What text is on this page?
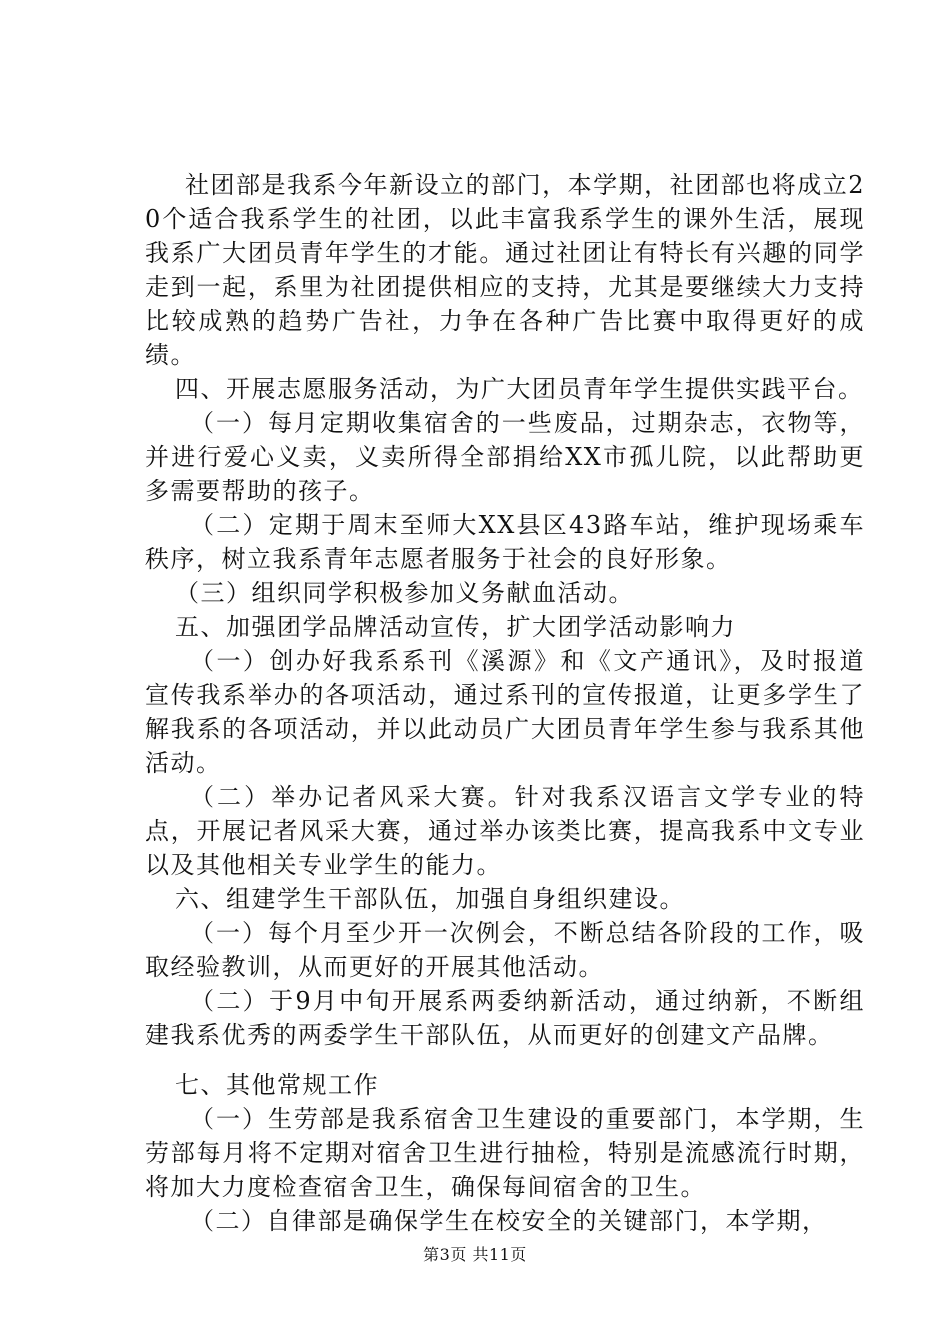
社团部是我系今年新设立的部门，本学期，社团部也将成立20个适合我系学生的社团，以此丰富我系学生的课外生活，展现我系广大团员青年学生的才能。通过社团让有特长有兴趣的同学走到一起，系里为社团提供相应的支持，尤其是要继续大力支持比较成熟的趋势广告社，力争在各种广告比赛中取得更好的成绩。

四、开展志愿服务活动，为广大团员青年学生提供实践平台。

（一）每月定期收集宿舍的一些废品，过期杂志，衣物等，并进行爱心义卖，义卖所得全部捐给XX市孤儿院，以此帮助更多需要帮助的孩子。

（二）定期于周末至师大XX县区43路车站，维护现场乘车秩序，树立我系青年志愿者服务于社会的良好形象。

（三）组织同学积极参加义务献血活动。

五、加强团学品牌活动宣传，扩大团学活动影响力

（一）创办好我系系刊《溪源》和《文产通讯》，及时报道宣传我系举办的各项活动，通过系刊的宣传报道，让更多学生了解我系的各项活动，并以此动员广大团员青年学生参与我系其他活动。

（二）举办记者风采大赛。针对我系汉语言文学专业的特点，开展记者风采大赛，通过举办该类比赛，提高我系中文专业以及其他相关专业学生的能力。

六、组建学生干部队伍，加强自身组织建设。

（一）每个月至少开一次例会，不断总结各阶段的工作，吸取经验教训，从而更好的开展其他活动。

（二）于9月中旬开展系两委纳新活动，通过纳新，不断组建我系优秀的两委学生干部队伍，从而更好的创建文产品牌。

七、其他常规工作

（一）生劳部是我系宿舍卫生建设的重要部门，本学期，生劳部每月将不定期对宿舍卫生进行抽检，特别是流感流行时期，将加大力度检查宿舍卫生，确保每间宿舍的卫生。

（二）自律部是确保学生在校安全的关键部门，本学期，

第3页 共11页
